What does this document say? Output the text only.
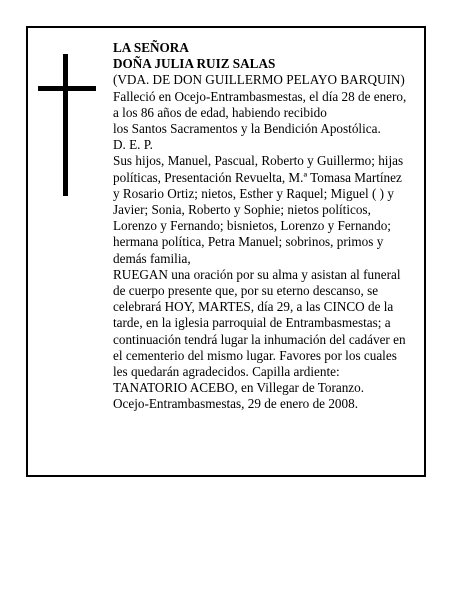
LA SEÑORA
DOÑA JULIA RUIZ SALAS
(VDA. DE DON GUILLERMO PELAYO BARQUIN)
Falleció en Ocejo-Entrambasmestas, el día 28 de enero,
a los 86 años de edad, habiendo recibido
los Santos Sacramentos y la Bendición Apostólica.
D. E. P.
Sus hijos, Manuel, Pascual, Roberto y Guillermo; hijas
políticas, Presentación Revuelta, M.ª Tomasa Martínez
y Rosario Ortiz; nietos, Esther y Raquel; Miguel ( ) y
Javier; Sonia, Roberto y Sophie; nietos políticos,
Lorenzo y Fernando; bisnietos, Lorenzo y Fernando;
hermana política, Petra Manuel; sobrinos, primos y
demás familia,
RUEGAN una oración por su alma y asistan al funeral
de cuerpo presente que, por su eterno descanso, se
celebrará HOY, MARTES, día 29, a las CINCO de la
tarde, en la iglesia parroquial de Entrambasmestas; a
continuación tendrá lugar la inhumación del cadáver en
el cementerio del mismo lugar. Favores por los cuales
les quedarán agradecidos. Capilla ardiente:
TANATORIO ACEBO, en Villegar de Toranzo.
Ocejo-Entrambasmestas, 29 de enero de 2008.
